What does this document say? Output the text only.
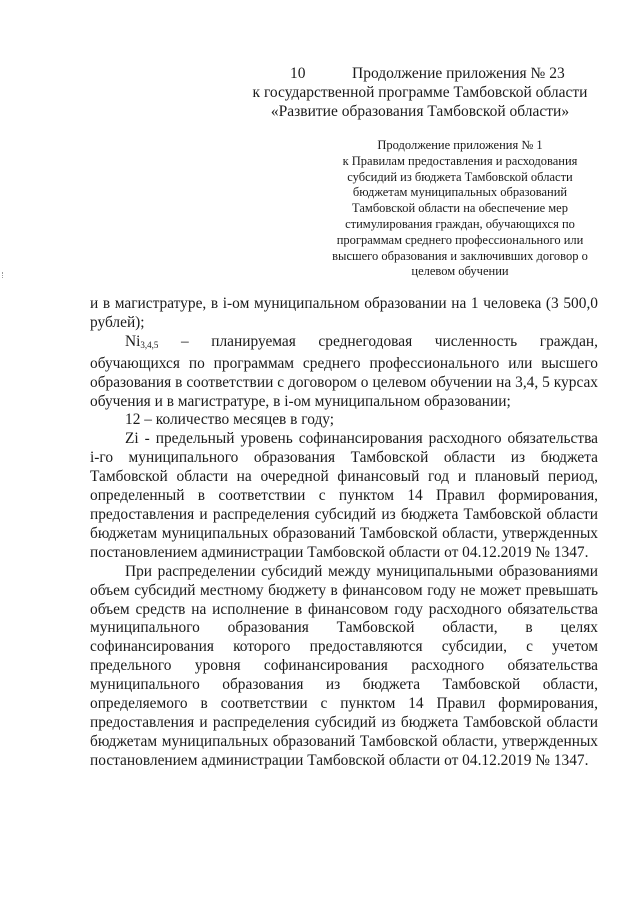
10	Продолжение приложения № 23
к государственной программе Тамбовской области
«Развитие образования Тамбовской области»
Продолжение приложения № 1
к Правилам предоставления и расходования
субсидий из бюджета Тамбовской области
бюджетам муниципальных образований
Тамбовской области на обеспечение мер
стимулирования граждан, обучающихся по
программам среднего профессионального или
высшего образования и заключивших договор о
целевом обучении

и в магистратуре, в i-ом муниципальном образовании на 1 человека (3 500,0 рублей);

$Ni_{3,4,5}$ – планируемая среднегодовая численность граждан, обучающихся по программам среднего профессионального или высшего образования в соответствии с договором о целевом обучении на 3,4, 5 курсах обучения и в магистратуре, в i-ом муниципальном образовании;

12 – количество месяцев в году;

Zi - предельный уровень софинансирования расходного обязательства i-го муниципального образования Тамбовской области из бюджета Тамбовской области на очередной финансовый год и плановый период, определенный в соответствии с пунктом 14 Правил формирования, предоставления и распределения субсидий из бюджета Тамбовской области бюджетам муниципальных образований Тамбовской области, утвержденных постановлением администрации Тамбовской области от 04.12.2019 № 1347.

При распределении субсидий между муниципальными образованиями объем субсидий местному бюджету в финансовом году не может превышать объем средств на исполнение в финансовом году расходного обязательства муниципального образования Тамбовской области, в целях софинансирования которого предоставляются субсидии, с учетом предельного уровня софинансирования расходного обязательства муниципального образования из бюджета Тамбовской области, определяемого в соответствии с пунктом 14 Правил формирования, предоставления и распределения субсидий из бюджета Тамбовской области бюджетам муниципальных образований Тамбовской области, утвержденных постановлением администрации Тамбовской области от 04.12.2019 № 1347.
